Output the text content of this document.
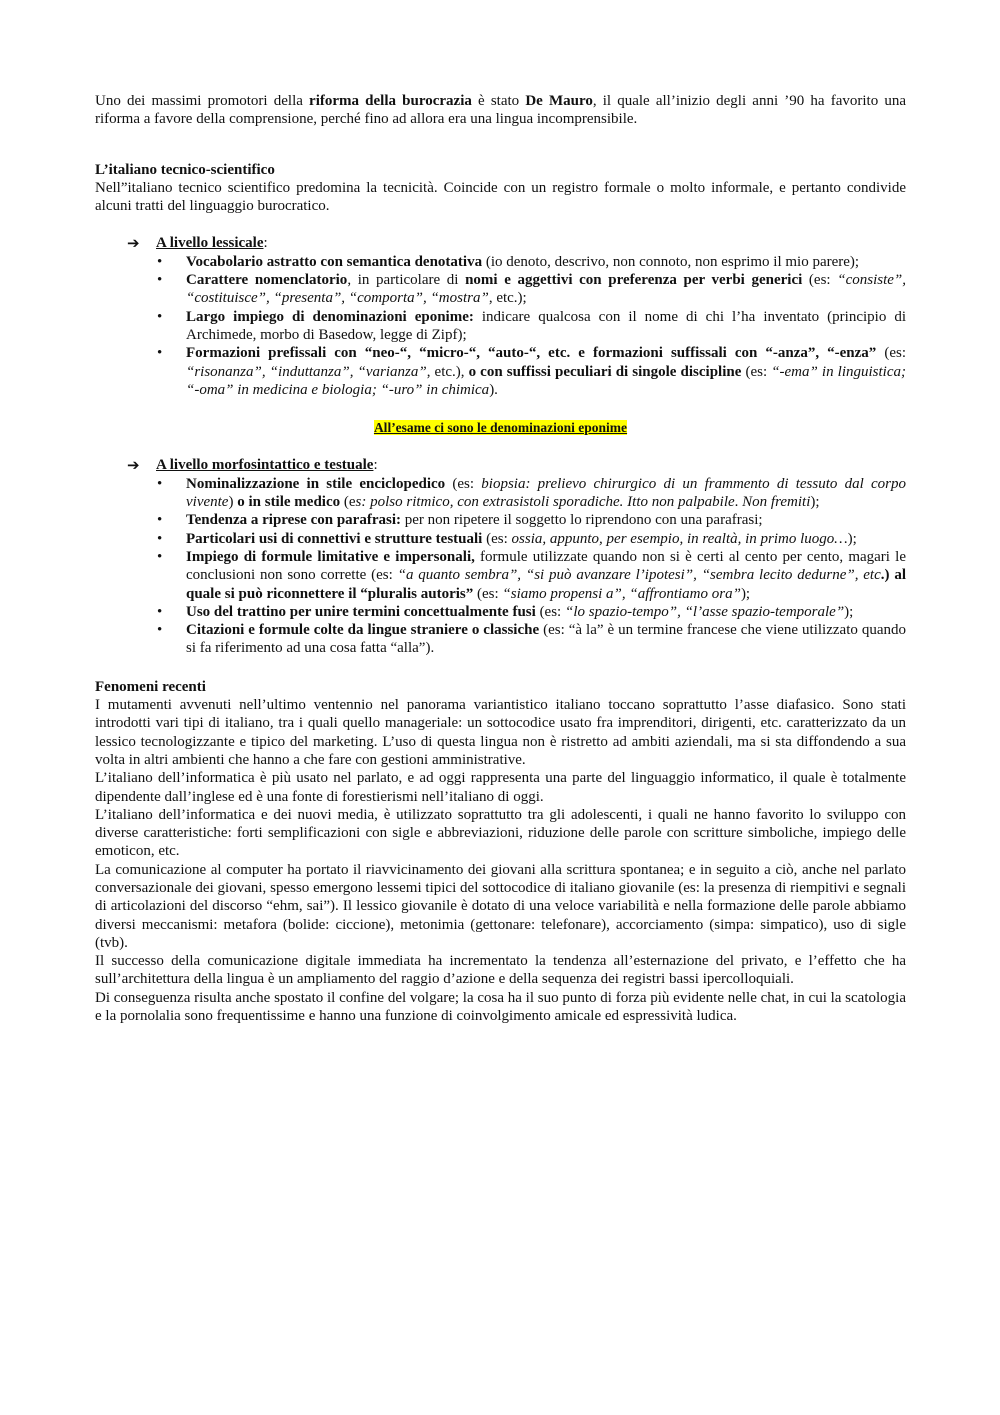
Uno dei massimi promotori della riforma della burocrazia è stato De Mauro, il quale all’inizio degli anni ’90 ha favorito una riforma a favore della comprensione, perché fino ad allora era una lingua incomprensibile.

L’italiano tecnico-scientifico

Nell”italiano tecnico scientifico predomina la tecnicità. Coincide con un registro formale o molto informale, e pertanto condivide alcuni tratti del linguaggio burocratico.

➔ A livello lessicale:
• Vocabolario astratto con semantica denotativa (io denoto, descrivo, non connoto, non esprimo il mio parere);
• Carattere nomenclatorio, in particolare di nomi e aggettivi con preferenza per verbi generici (es: “consiste”, “costituisce”, “presenta”, “comporta”, “mostra”, etc.);
• Largo impiego di denominazioni eponime: indicare qualcosa con il nome di chi l’ha inventato (principio di Archimede, morbo di Basedow, legge di Zipf);
• Formazioni prefissali con “neo-“, “micro-“, “auto-“, etc. e formazioni suffissali con “-anza”, “-enza” (es: “risonanza”, “induttanza”, “varianza”, etc.), o con suffissi peculiari di singole discipline (es: “-ema” in linguistica; “-oma” in medicina e biologia; “-uro” in chimica).

All’esame ci sono le denominazioni eponime

➔ A livello morfosintattico e testuale:
• Nominalizzazione in stile enciclopedico (es: biopsia: prelievo chirurgico di un frammento di tessuto dal corpo vivente) o in stile medico (es: polso ritmico, con extrasistoli sporadiche. Itto non palpabile. Non fremiti);
• Tendenza a riprese con parafrasi: per non ripetere il soggetto lo riprendono con una parafrasi;
• Particolari usi di connettivi e strutture testuali (es: ossia, appunto, per esempio, in realtà, in primo luogo…);
• Impiego di formule limitative e impersonali, formule utilizzate quando non si è certi al cento per cento, magari le conclusioni non sono corrette (es: “a quanto sembra”, “si può avanzare l’ipotesi”, “sembra lecito dedurne”, etc.) al quale si può riconnettere il “pluralis autoris” (es: “siamo propensi a”, “affrontiamo ora”);
• Uso del trattino per unire termini concettualmente fusi (es: “lo spazio-tempo”, “l’asse spazio-temporale”);
• Citazioni e formule colte da lingue straniere o classiche (es: “à la” è un termine francese che viene utilizzato quando si fa riferimento ad una cosa fatta “alla”).

Fenomeni recenti

I mutamenti avvenuti nell’ultimo ventennio nel panorama variantistico italiano toccano soprattutto l’asse diafasico. Sono stati introdotti vari tipi di italiano, tra i quali quello manageriale: un sottocodice usato fra imprenditori, dirigenti, etc. caratterizzato da un lessico tecnologizzante e tipico del marketing. L’uso di questa lingua non è ristretto ad ambiti aziendali, ma si sta diffondendo a sua volta in altri ambienti che hanno a che fare con gestioni amministrative.

L’italiano dell’informatica è più usato nel parlato, e ad oggi rappresenta una parte del linguaggio informatico, il quale è totalmente dipendente dall’inglese ed è una fonte di forestierismi nell’italiano di oggi.

L’italiano dell’informatica e dei nuovi media, è utilizzato soprattutto tra gli adolescenti, i quali ne hanno favorito lo sviluppo con diverse caratteristiche: forti semplificazioni con sigle e abbreviazioni, riduzione delle parole con scritture simboliche, impiego delle emoticon, etc.

La comunicazione al computer ha portato il riavvicinamento dei giovani alla scrittura spontanea; e in seguito a ciò, anche nel parlato conversazionale dei giovani, spesso emergono lessemi tipici del sottocodice di italiano giovanile (es: la presenza di riempitivi e segnali di articolazioni del discorso “ehm, sai”). Il lessico giovanile è dotato di una veloce variabilità e nella formazione delle parole abbiamo diversi meccanismi: metafora (bolide: ciccione), metonimia (gettonare: telefonare), accorciamento (simpa: simpatico), uso di sigle (tvb).

Il successo della comunicazione digitale immediata ha incrementato la tendenza all’esternazione del privato, e l’effetto che ha sull’architettura della lingua è un ampliamento del raggio d’azione e della sequenza dei registri bassi ipercolloquiali.

Di conseguenza risulta anche spostato il confine del volgare; la cosa ha il suo punto di forza più evidente nelle chat, in cui la scatologia e la pornolalia sono frequentissime e hanno una funzione di coinvolgimento amicale ed espressività ludica.
